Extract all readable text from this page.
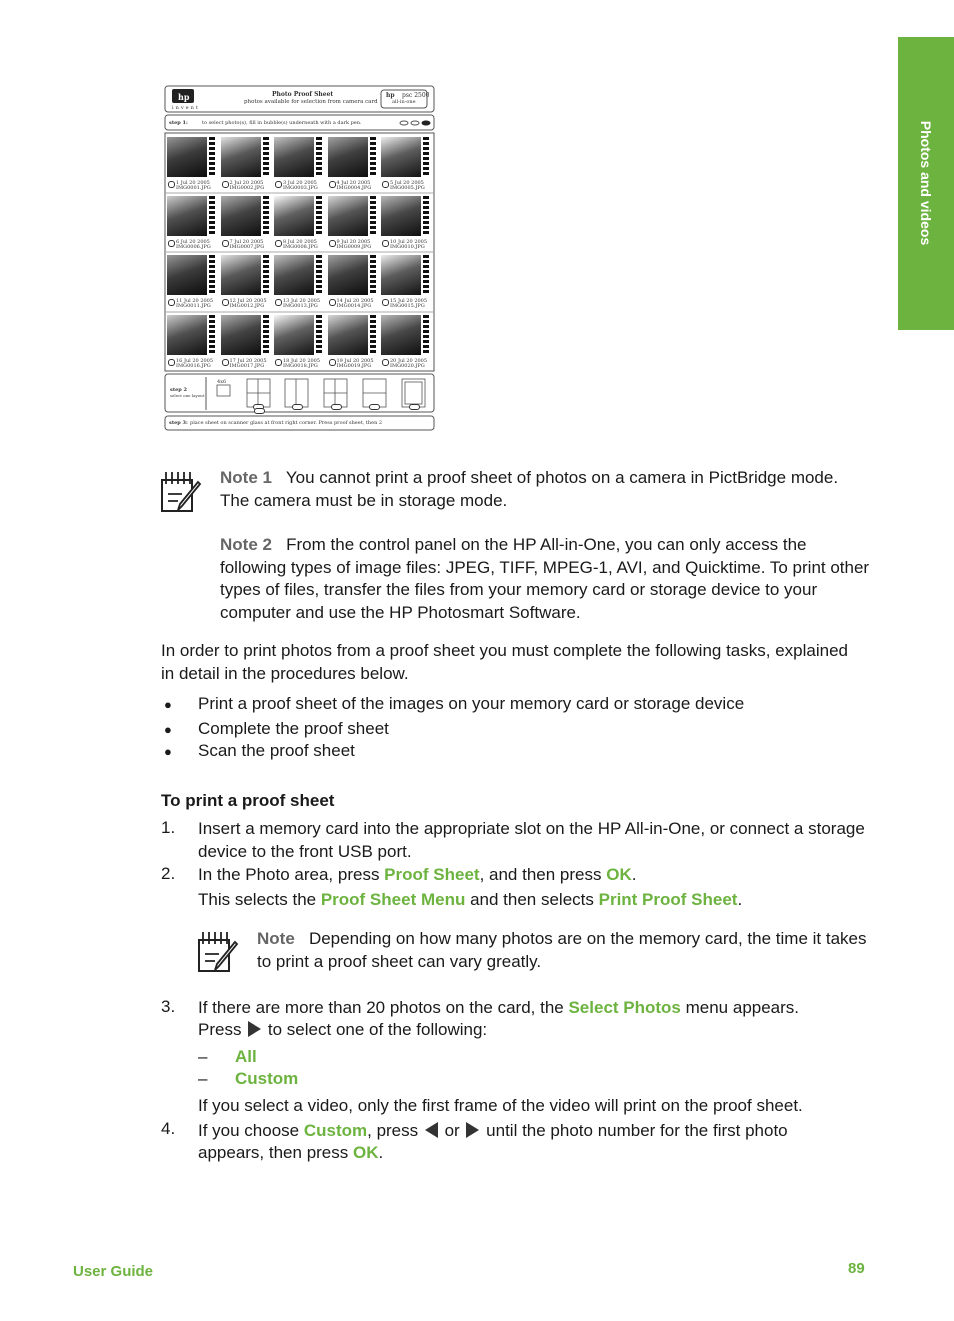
Photos and videos
hp
invent
Photo Proof Sheet
photos available for selection from camera card
psc 2500
hp
all-in-one
step 1:	to select photo(s), fill in bubble(s) underneath with a dark pen.
1 Jul 20 2005
IMG0001.JPG
2 Jul 20 2005
IMG0002.JPG
3 Jul 20 2005
IMG0003.JPG
4 Jul 20 2005
IMG0004.JPG
5 Jul 20 2005
IMG0005.JPG
6 Jul 20 2005
IMG0006.JPG
7 Jul 20 2005
IMG0007.JPG
8 Jul 20 2005
IMG0008.JPG
9 Jul 20 2005
IMG0009.JPG
10 Jul 20 2005
IMG0010.JPG
11 Jul 20 2005
IMG0011.JPG
12 Jul 20 2005
IMG0012.JPG
13 Jul 20 2005
IMG0013.JPG
14 Jul 20 2005
IMG0014.JPG
15 Jul 20 2005
IMG0015.JPG
16 Jul 20 2005
IMG0016.JPG
17 Jul 20 2005
IMG0017.JPG
18 Jul 20 2005
IMG0018.JPG
19 Jul 20 2005
IMG0019.JPG
20 Jul 20 2005
IMG0020.JPG
step 2
select one layout
4x6
step 3: place sheet on scanner glass at front right corner. Press proof sheet, then 2
Note 1 You cannot print a proof sheet of photos on a camera in PictBridge mode. The camera must be in storage mode.
Note 2 From the control panel on the HP All-in-One, you can only access the following types of image files: JPEG, TIFF, MPEG-1, AVI, and Quicktime. To print other types of files, transfer the files from your memory card or storage device to your computer and use the HP Photosmart Software.
In order to print photos from a proof sheet you must complete the following tasks, explained in detail in the procedures below.
● Print a proof sheet of the images on your memory card or storage device
● Complete the proof sheet
● Scan the proof sheet
To print a proof sheet
1. Insert a memory card into the appropriate slot on the HP All-in-One, or connect a storage device to the front USB port.
2. In the Photo area, press Proof Sheet, and then press OK.
This selects the Proof Sheet Menu and then selects Print Proof Sheet.
Note Depending on how many photos are on the memory card, the time it takes to print a proof sheet can vary greatly.
3. If there are more than 20 photos on the card, the Select Photos menu appears.
Press  to select one of the following:
– All
– Custom
If you select a video, only the first frame of the video will print on the proof sheet.
4. If you choose Custom, press  or  until the photo number for the first photo
appears, then press OK.
User Guide	89
